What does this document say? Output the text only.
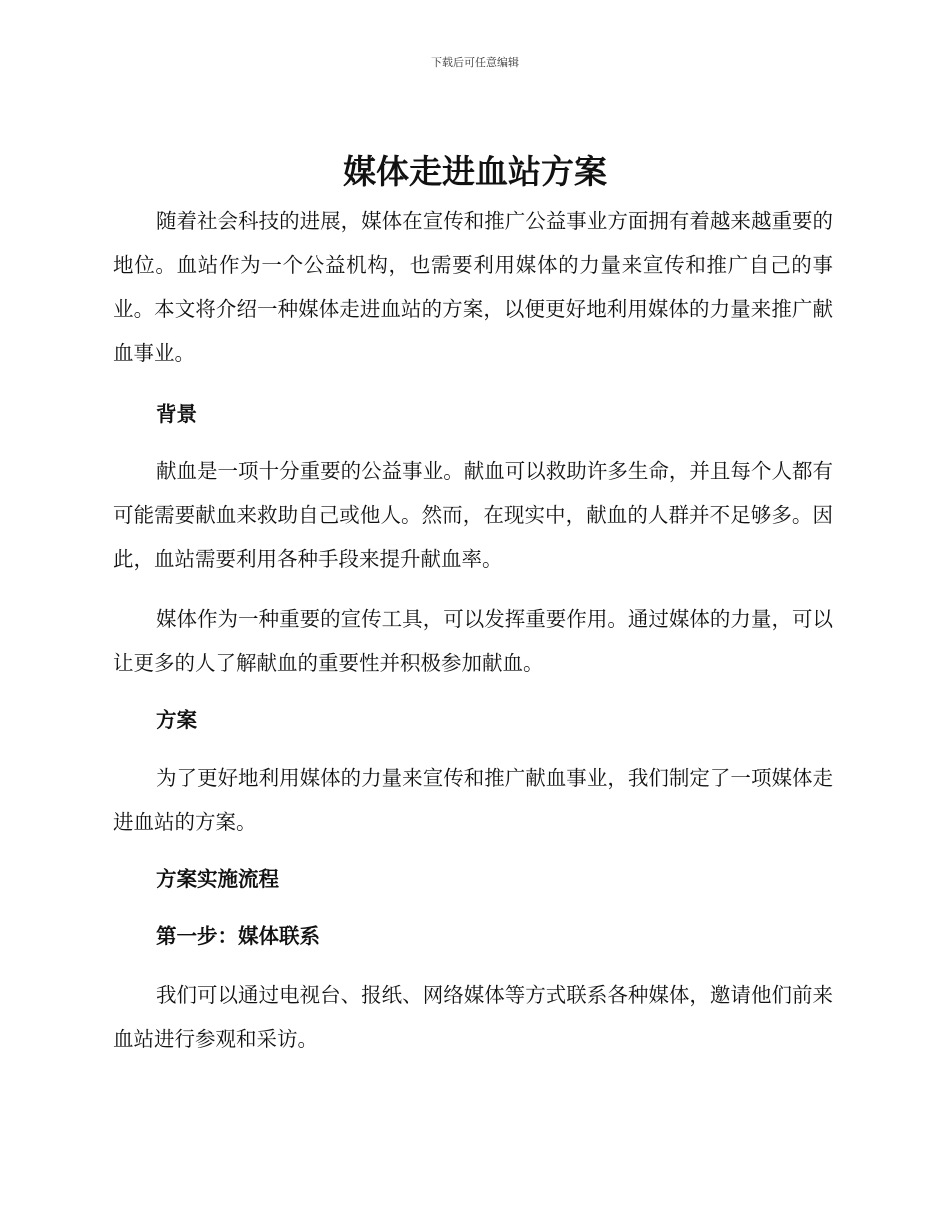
下载后可任意编辑
媒体走进血站方案

随着社会科技的进展，媒体在宣传和推广公益事业方面拥有着越来越重要的地位。血站作为一个公益机构，也需要利用媒体的力量来宣传和推广自己的事业。本文将介绍一种媒体走进血站的方案，以便更好地利用媒体的力量来推广献血事业。

背景

献血是一项十分重要的公益事业。献血可以救助许多生命，并且每个人都有可能需要献血来救助自己或他人。然而，在现实中，献血的人群并不足够多。因此，血站需要利用各种手段来提升献血率。

媒体作为一种重要的宣传工具，可以发挥重要作用。通过媒体的力量，可以让更多的人了解献血的重要性并积极参加献血。

方案

为了更好地利用媒体的力量来宣传和推广献血事业，我们制定了一项媒体走进血站的方案。

方案实施流程
第一步：媒体联系

我们可以通过电视台、报纸、网络媒体等方式联系各种媒体，邀请他们前来血站进行参观和采访。
